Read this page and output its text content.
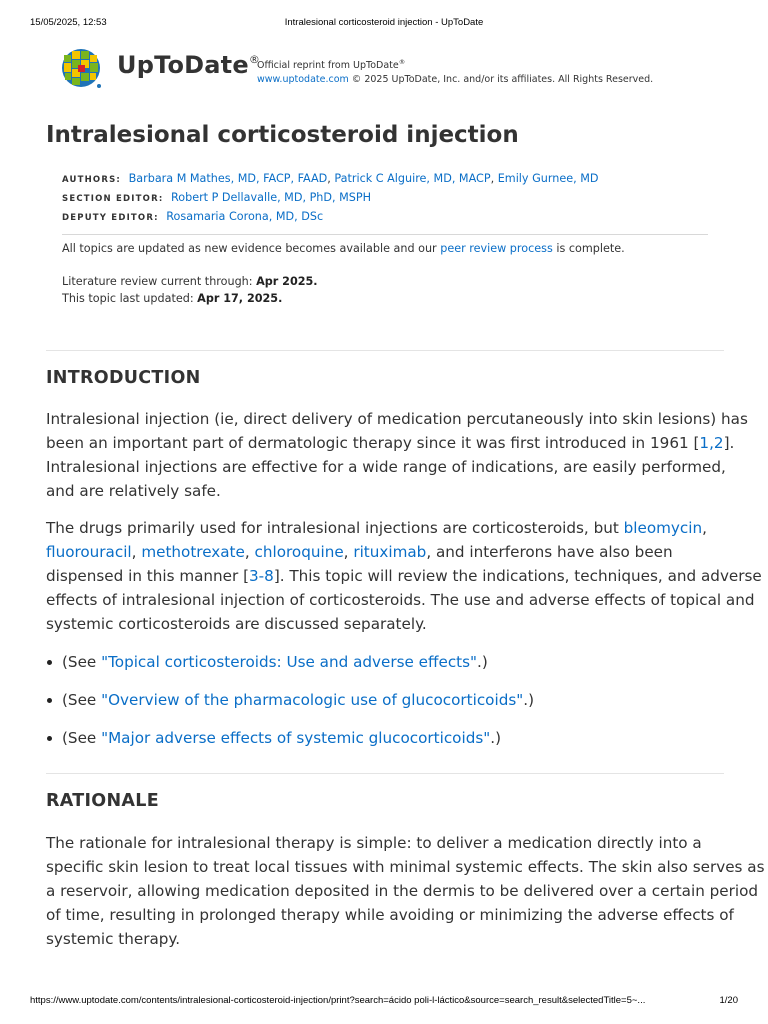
15/05/2025, 12:53	Intralesional corticosteroid injection - UpToDate
UpToDate®
Official reprint from UpToDate®
www.uptodate.com © 2025 UpToDate, Inc. and/or its affiliates. All Rights Reserved.
Intralesional corticosteroid injection
AUTHORS: Barbara M Mathes, MD, FACP, FAAD, Patrick C Alguire, MD, MACP, Emily Gurnee, MD
SECTION EDITOR: Robert P Dellavalle, MD, PhD, MSPH
DEPUTY EDITOR: Rosamaria Corona, MD, DSc
All topics are updated as new evidence becomes available and our peer review process is complete.
Literature review current through: Apr 2025.
This topic last updated: Apr 17, 2025.
INTRODUCTION

Intralesional injection (ie, direct delivery of medication percutaneously into skin lesions) has
been an important part of dermatologic therapy since it was first introduced in 1961 [1,2].
Intralesional injections are effective for a wide range of indications, are easily performed,
and are relatively safe.

The drugs primarily used for intralesional injections are corticosteroids, but bleomycin,
fluorouracil, methotrexate, chloroquine, rituximab, and interferons have also been
dispensed in this manner [3-8]. This topic will review the indications, techniques, and adverse
effects of intralesional injection of corticosteroids. The use and adverse effects of topical and
systemic corticosteroids are discussed separately.

(See "Topical corticosteroids: Use and adverse effects".)
(See "Overview of the pharmacologic use of glucocorticoids".)
(See "Major adverse effects of systemic glucocorticoids".)
RATIONALE

The rationale for intralesional therapy is simple: to deliver a medication directly into a
specific skin lesion to treat local tissues with minimal systemic effects. The skin also serves as
a reservoir, allowing medication deposited in the dermis to be delivered over a certain period
of time, resulting in prolonged therapy while avoiding or minimizing the adverse effects of
systemic therapy.

https://www.uptodate.com/contents/intralesional-corticosteroid-injection/print?search=ácido poli-l-láctico&source=search_result&selectedTitle=5~...	1/20
